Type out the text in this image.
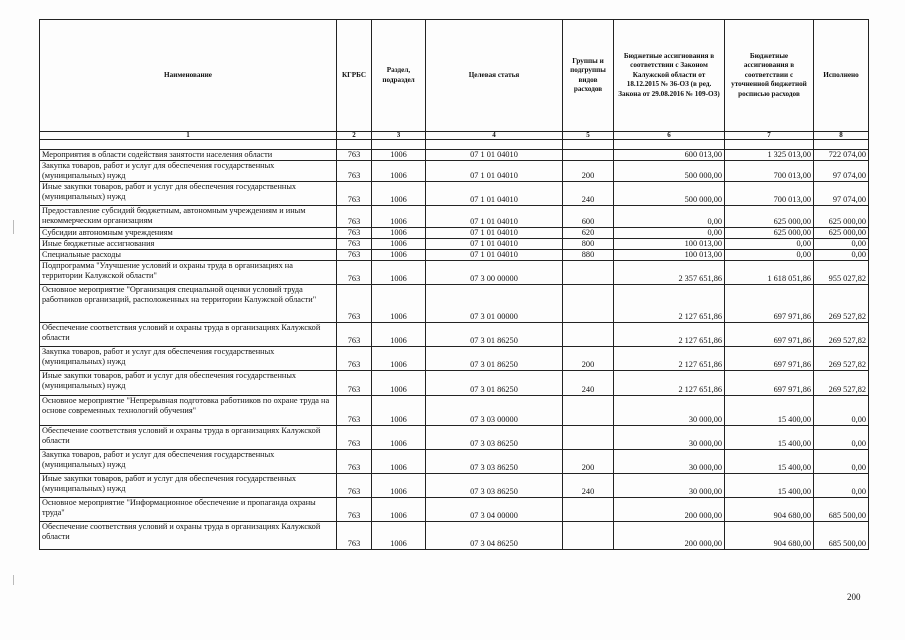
Наименование	КГРБС	Раздел, подраздел	Целевая статья	Группы и подгруппы видов расходов	Бюджетные ассигнования в соответствии с Законом Калужской области от 18.12.2015 № 36-ОЗ (в ред. Закона от 29.08.2016 № 109-ОЗ)	Бюджетные ассигнования в соответствии с уточненной бюджетной росписью расходов	Исполнено
1	2	3	4	5	6	7	8

Мероприятия в области содействия занятости населения области	763	1006	07 1 01 04010		600 013,00	1 325 013,00	722 074,00
Закупка товаров, работ и услуг для обеспечения государственных (муниципальных) нужд	763	1006	07 1 01 04010	200	500 000,00	700 013,00	97 074,00
Иные закупки товаров, работ и услуг для обеспечения государственных (муниципальных) нужд	763	1006	07 1 01 04010	240	500 000,00	700 013,00	97 074,00
Предоставление субсидий бюджетным, автономным учреждениям и иным некоммерческим организациям	763	1006	07 1 01 04010	600	0,00	625 000,00	625 000,00
Субсидии автономным учреждениям	763	1006	07 1 01 04010	620	0,00	625 000,00	625 000,00
Иные бюджетные ассигнования	763	1006	07 1 01 04010	800	100 013,00	0,00	0,00
Специальные расходы	763	1006	07 1 01 04010	880	100 013,00	0,00	0,00
Подпрограмма "Улучшение условий и охраны труда в организациях на территории Калужской области"	763	1006	07 3 00 00000		2 357 651,86	1 618 051,86	955 027,82
Основное мероприятие "Организация специальной оценки условий труда работников организаций, расположенных на территории Калужской области"	763	1006	07 3 01 00000		2 127 651,86	697 971,86	269 527,82
Обеспечение соответствия условий и охраны труда в организациях Калужской области	763	1006	07 3 01 86250		2 127 651,86	697 971,86	269 527,82
Закупка товаров, работ и услуг для обеспечения государственных (муниципальных) нужд	763	1006	07 3 01 86250	200	2 127 651,86	697 971,86	269 527,82
Иные закупки товаров, работ и услуг для обеспечения государственных (муниципальных) нужд	763	1006	07 3 01 86250	240	2 127 651,86	697 971,86	269 527,82
Основное мероприятие "Непрерывная подготовка работников по охране труда на основе современных технологий обучения"	763	1006	07 3 03 00000		30 000,00	15 400,00	0,00
Обеспечение соответствия условий и охраны труда в организациях Калужской области	763	1006	07 3 03 86250		30 000,00	15 400,00	0,00
Закупка товаров, работ и услуг для обеспечения государственных (муниципальных) нужд	763	1006	07 3 03 86250	200	30 000,00	15 400,00	0,00
Иные закупки товаров, работ и услуг для обеспечения государственных (муниципальных) нужд	763	1006	07 3 03 86250	240	30 000,00	15 400,00	0,00
Основное мероприятие "Информационное обеспечение и пропаганда охраны труда"	763	1006	07 3 04 00000		200 000,00	904 680,00	685 500,00
Обеспечение соответствия условий и охраны труда в организациях Калужской области	763	1006	07 3 04 86250		200 000,00	904 680,00	685 500,00
200
